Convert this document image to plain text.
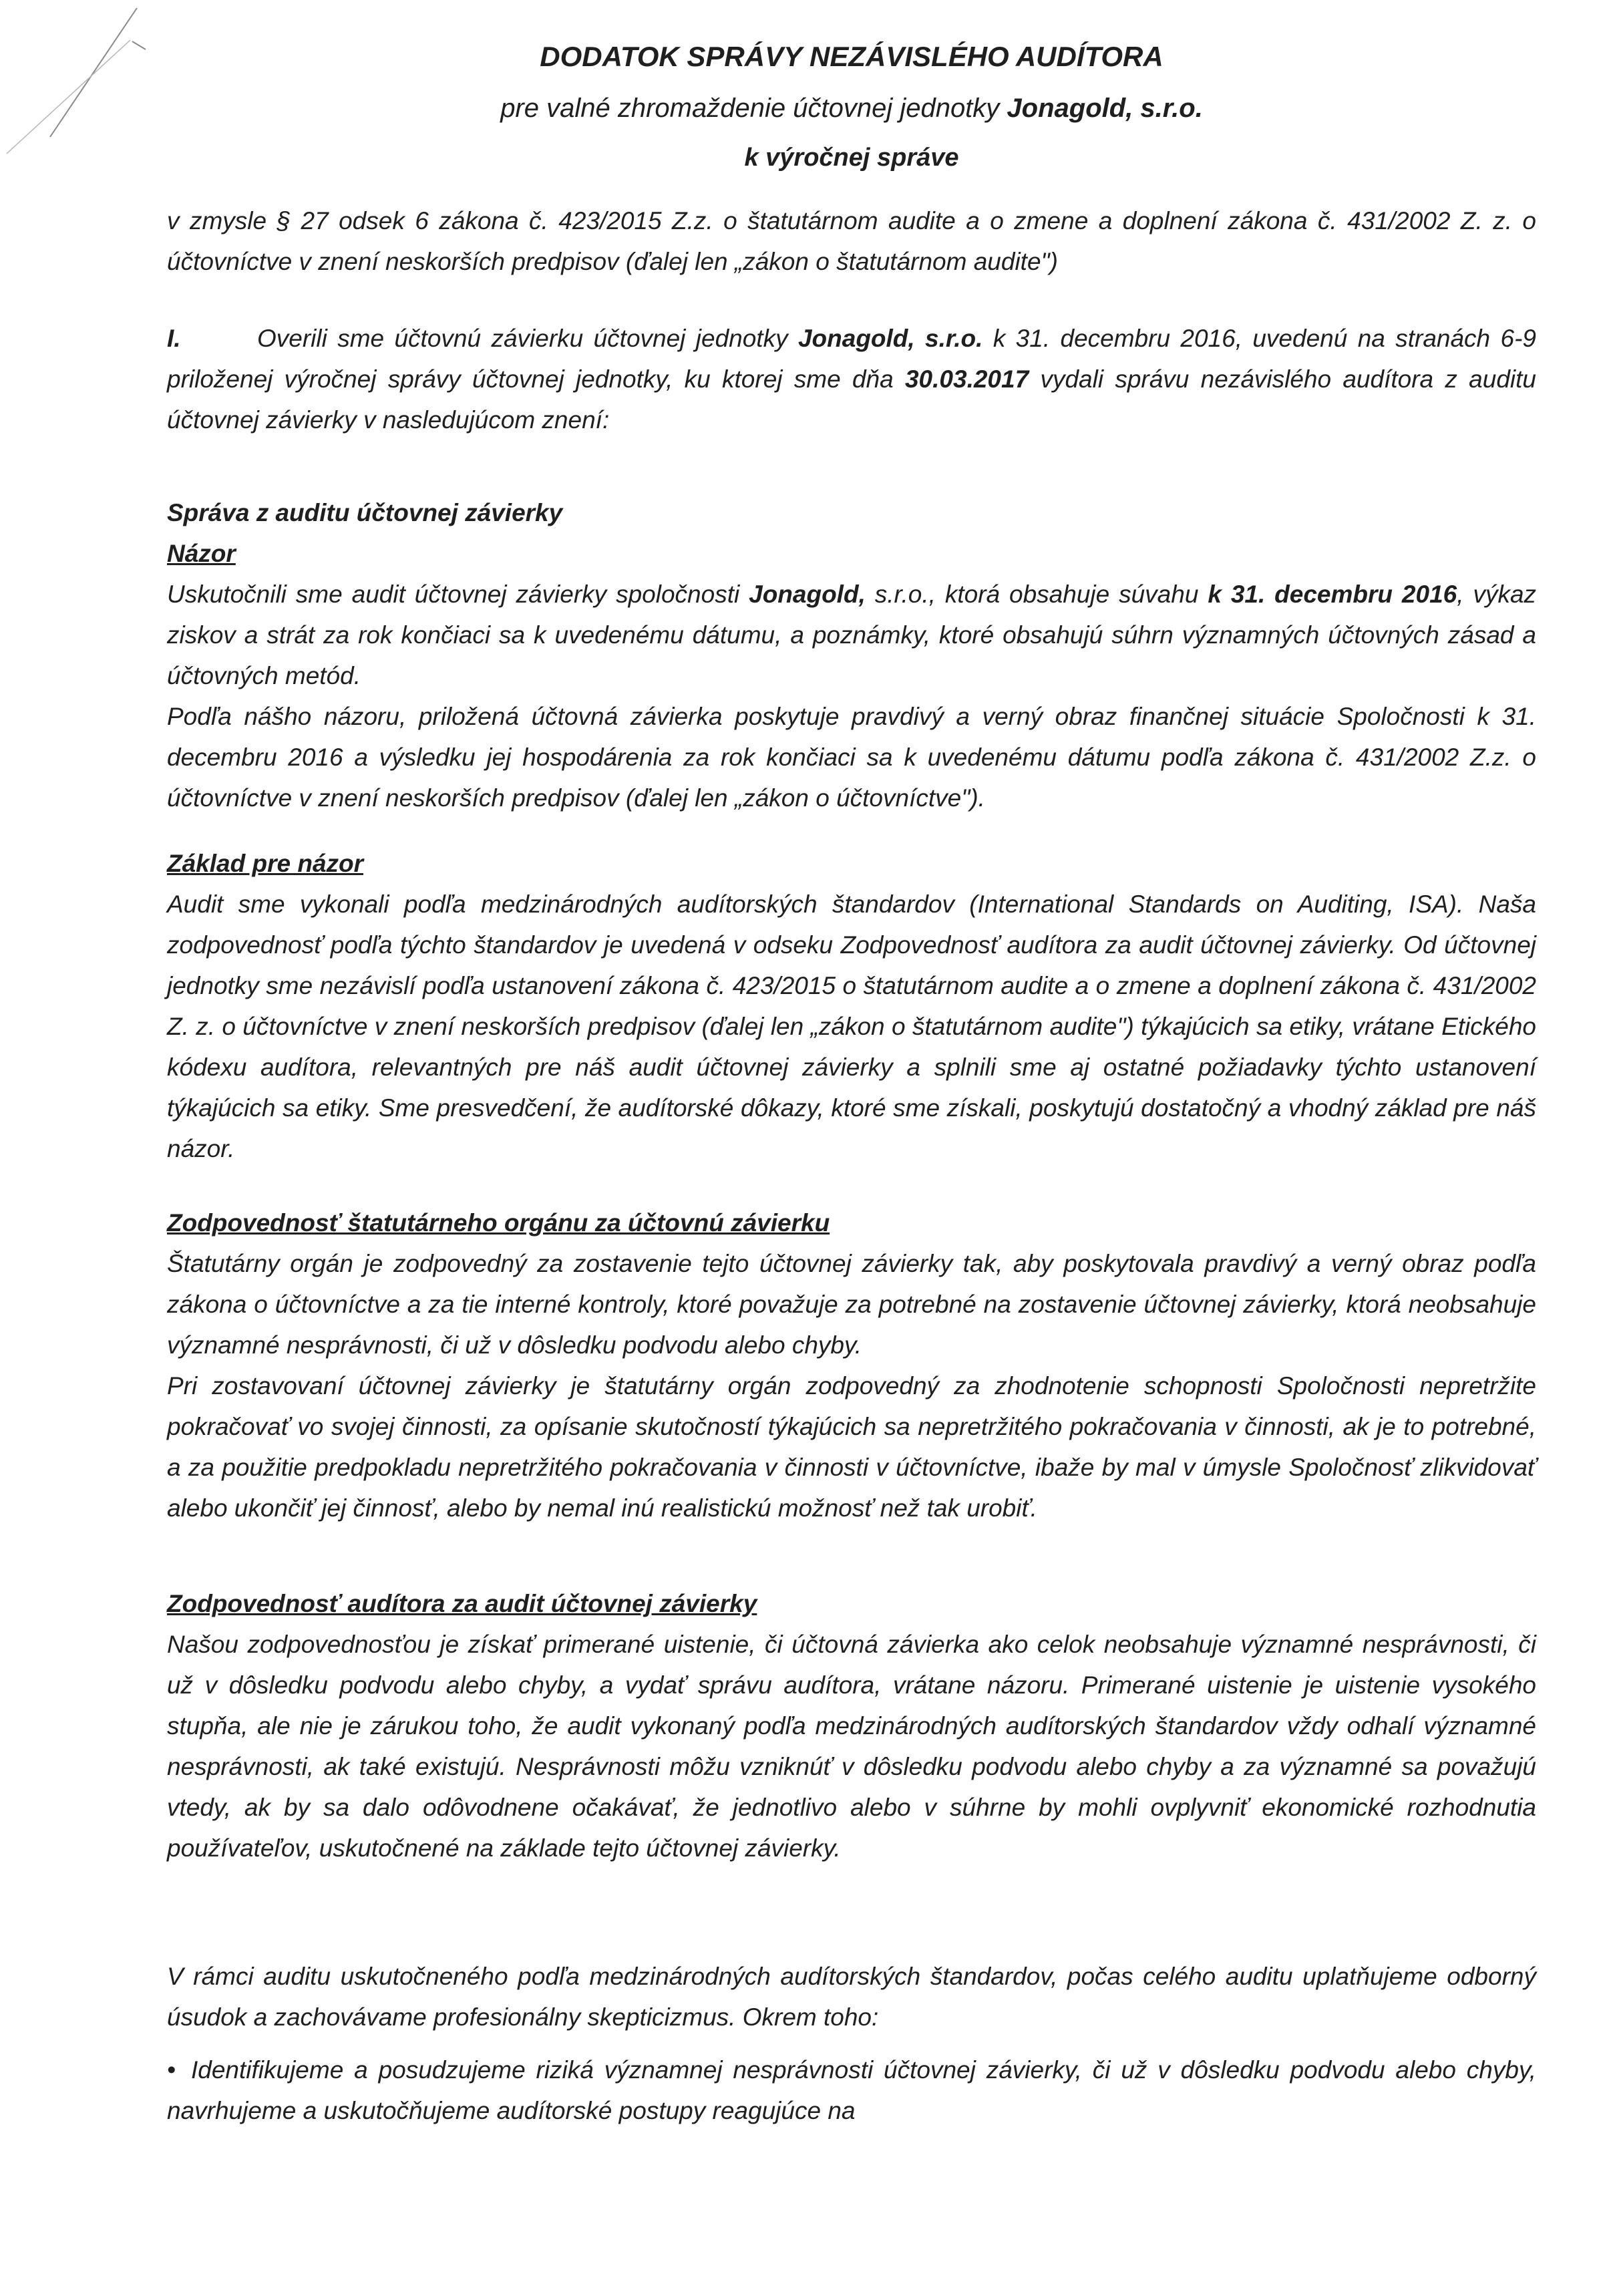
DODATOK SPRÁVY NEZÁVISLÉHO AUDÍTORA
pre valné zhromaždenie účtovnej jednotky Jonagold, s.r.o.
k výročnej správe

v zmysle § 27 odsek 6 zákona č. 423/2015 Z.z. o štatutárnom audite a o zmene a doplnení zákona č. 431/2002 Z. z. o účtovníctve v znení neskorších predpisov (ďalej len „zákon o štatutárnom audite")

I.	Overili sme účtovnú závierku účtovnej jednotky Jonagold, s.r.o. k 31. decembru 2016, uvedenú na stranách 6-9 priloženej výročnej správy účtovnej jednotky, ku ktorej sme dňa 30.03.2017 vydali správu nezávislého audítora z auditu účtovnej závierky v nasledujúcom znení:

Správa z auditu účtovnej závierky

Názor

Uskutočnili sme audit účtovnej závierky spoločnosti Jonagold, s.r.o., ktorá obsahuje súvahu k 31. decembru 2016, výkaz ziskov a strát za rok končiaci sa k uvedenému dátumu, a poznámky, ktoré obsahujú súhrn významných účtovných zásad a účtovných metód.

Podľa nášho názoru, priložená účtovná závierka poskytuje pravdivý a verný obraz finančnej situácie Spoločnosti k 31. decembru 2016 a výsledku jej hospodárenia za rok končiaci sa k uvedenému dátumu podľa zákona č. 431/2002 Z.z. o účtovníctve v znení neskorších predpisov (ďalej len „zákon o účtovníctve").

Základ pre názor

Audit sme vykonali podľa medzinárodných audítorských štandardov (International Standards on Auditing, ISA). Naša zodpovednosť podľa týchto štandardov je uvedená v odseku Zodpovednosť audítora za audit účtovnej závierky. Od účtovnej jednotky sme nezávislí podľa ustanovení zákona č. 423/2015 o štatutárnom audite a o zmene a doplnení zákona č. 431/2002 Z. z. o účtovníctve v znení neskorších predpisov (ďalej len „zákon o štatutárnom audite") týkajúcich sa etiky, vrátane Etického kódexu audítora, relevantných pre náš audit účtovnej závierky a splnili sme aj ostatné požiadavky týchto ustanovení týkajúcich sa etiky. Sme presvedčení, že audítorské dôkazy, ktoré sme získali, poskytujú dostatočný a vhodný základ pre náš názor.

Zodpovednosť štatutárneho orgánu za účtovnú závierku

Štatutárny orgán je zodpovedný za zostavenie tejto účtovnej závierky tak, aby poskytovala pravdivý a verný obraz podľa zákona o účtovníctve a za tie interné kontroly, ktoré považuje za potrebné na zostavenie účtovnej závierky, ktorá neobsahuje významné nesprávnosti, či už v dôsledku podvodu alebo chyby.

Pri zostavovaní účtovnej závierky je štatutárny orgán zodpovedný za zhodnotenie schopnosti Spoločnosti nepretržite pokračovať vo svojej činnosti, za opísanie skutočností týkajúcich sa nepretržitého pokračovania v činnosti, ak je to potrebné, a za použitie predpokladu nepretržitého pokračovania v činnosti v účtovníctve, ibaže by mal v úmysle Spoločnosť zlikvidovať alebo ukončiť jej činnosť, alebo by nemal inú realistickú možnosť než tak urobiť.

Zodpovednosť audítora za audit účtovnej závierky

Našou zodpovednosťou je získať primerané uistenie, či účtovná závierka ako celok neobsahuje významné nesprávnosti, či už v dôsledku podvodu alebo chyby, a vydať správu audítora, vrátane názoru. Primerané uistenie je uistenie vysokého stupňa, ale nie je zárukou toho, že audit vykonaný podľa medzinárodných audítorských štandardov vždy odhalí významné nesprávnosti, ak také existujú. Nesprávnosti môžu vzniknúť v dôsledku podvodu alebo chyby a za významné sa považujú vtedy, ak by sa dalo odôvodnene očakávať, že jednotlivo alebo v súhrne by mohli ovplyvniť ekonomické rozhodnutia používateľov, uskutočnené na základe tejto účtovnej závierky.

V rámci auditu uskutočneného podľa medzinárodných audítorských štandardov, počas celého auditu uplatňujeme odborný úsudok a zachovávame profesionálny skepticizmus. Okrem toho:

• Identifikujeme a posudzujeme riziká významnej nesprávnosti účtovnej závierky, či už v dôsledku podvodu alebo chyby, navrhujeme a uskutočňujeme audítorské postupy reagujúce na
